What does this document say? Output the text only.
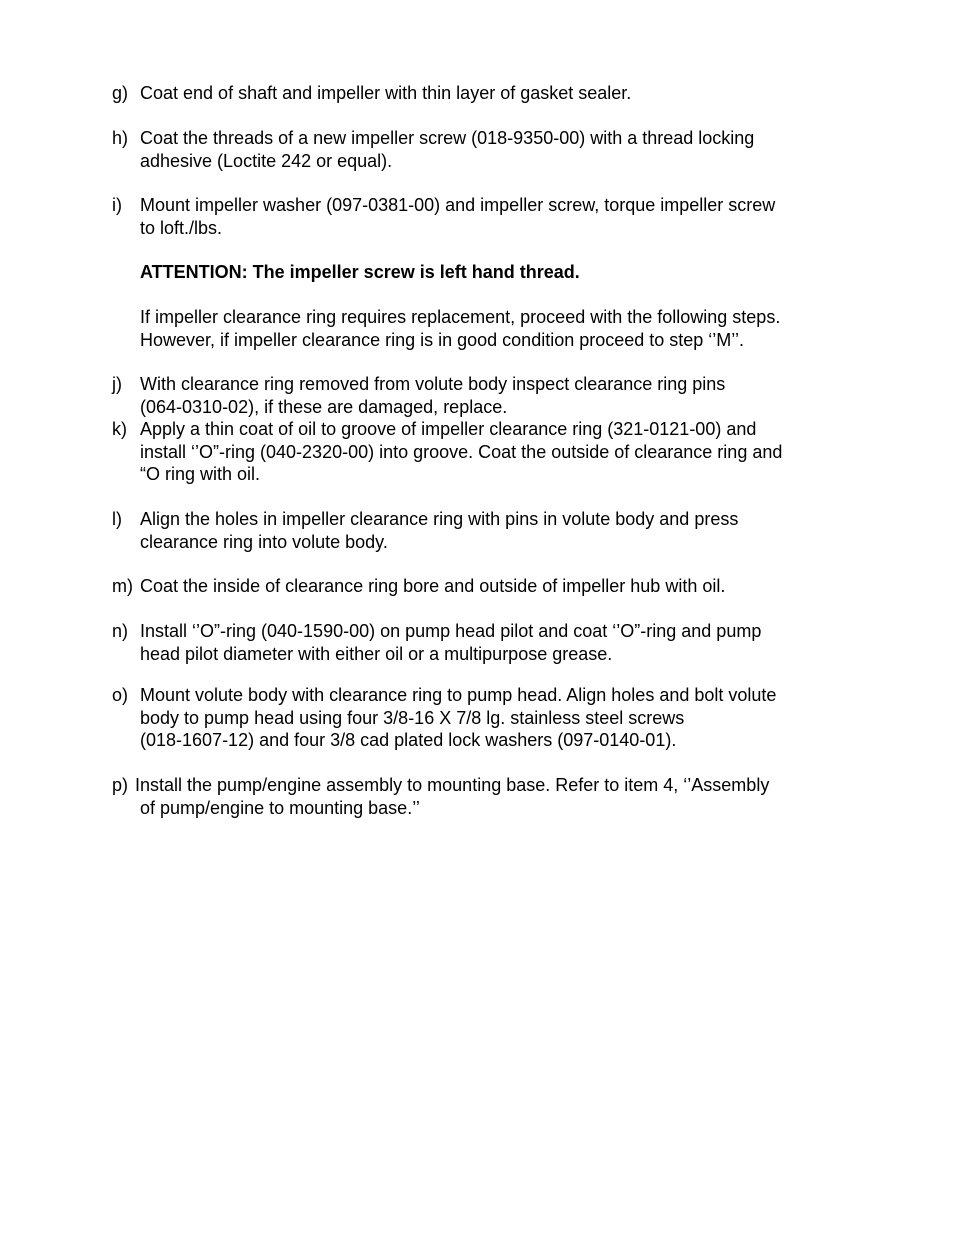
g) Coat end of shaft and impeller with thin layer of gasket sealer.
h) Coat the threads of a new impeller screw (018-9350-00) with a thread locking
adhesive (Loctite 242 or equal).
i) Mount impeller washer (097-0381-00) and impeller screw, torque impeller screw
to loft./lbs.
ATTENTION: The impeller screw is left hand thread.
If impeller clearance ring requires replacement, proceed with the following steps.
However, if impeller clearance ring is in good condition proceed to step ‘’M’’.
j) With clearance ring removed from volute body inspect clearance ring pins
(064-0310-02), if these are damaged, replace.
k) Apply a thin coat of oil to groove of impeller clearance ring (321-0121-00) and
install ‘’O”-ring (040-2320-00) into groove. Coat the outside of clearance ring and
“O ring with oil.
l) Align the holes in impeller clearance ring with pins in volute body and press
clearance ring into volute body.
m) Coat the inside of clearance ring bore and outside of impeller hub with oil.
n) Install ‘’O”-ring (040-1590-00) on pump head pilot and coat ‘’O”-ring and pump
head pilot diameter with either oil or a multipurpose grease.
o) Mount volute body with clearance ring to pump head. Align holes and bolt volute
body to pump head using four 3/8-16 X 7/8 lg. stainless steel screws
(018-1607-12) and four 3/8 cad plated lock washers (097-0140-01).
p) Install the pump/engine assembly to mounting base. Refer to item 4, ‘’Assembly
of pump/engine to mounting base.’’
